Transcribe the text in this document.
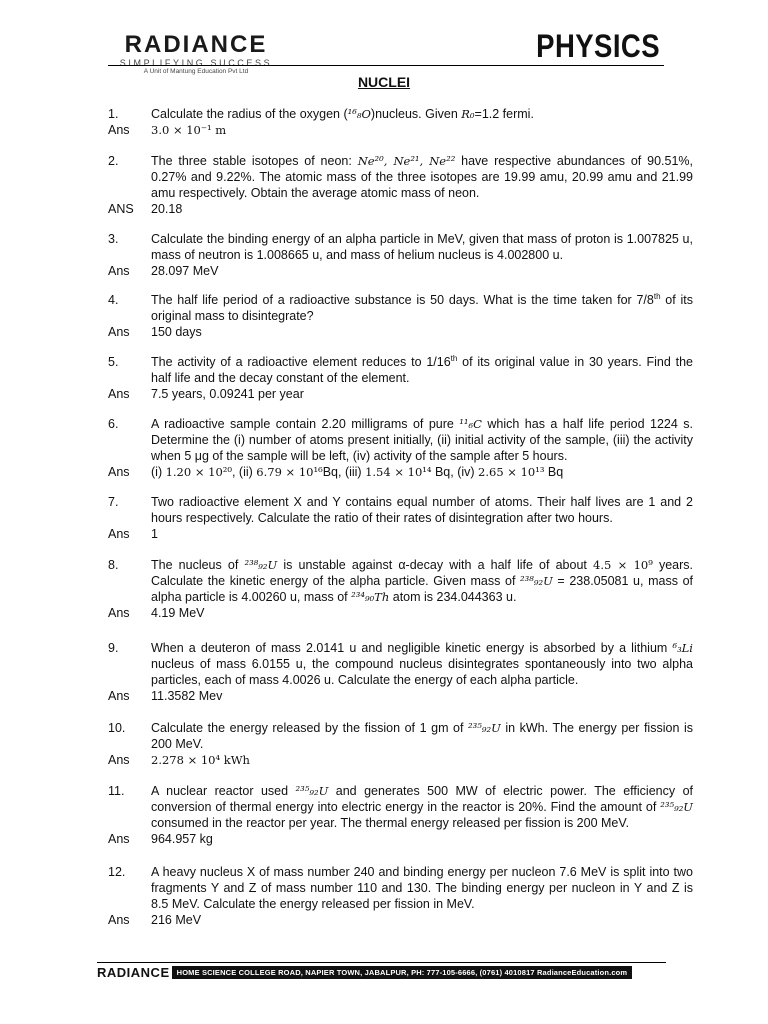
RADIANCE
SIMPLIFYING SUCCESS
A Unit of Mantung Education Pvt Ltd
PHYSICS
NUCLEI
1.	Calculate the radius of the oxygen (¹⁶₈O)nucleus. Given R₀=1.2 fermi.
Ans	3.0 × 10⁻¹ m
2.	The three stable isotopes of neon: Ne²⁰, Ne²¹, Ne²² have respective abundances of 90.51%, 0.27% and 9.22%. The atomic mass of the three isotopes are 19.99 amu, 20.99 amu and 21.99 amu respectively. Obtain the average atomic mass of neon.
ANS	20.18
3.	Calculate the binding energy of an alpha particle in MeV, given that mass of proton is 1.007825 u, mass of neutron is 1.008665 u, and mass of helium nucleus is 4.002800 u.
Ans	28.097 MeV
4.	The half life period of a radioactive substance is 50 days. What is the time taken for 7/8th of its original mass to disintegrate?
Ans	150 days
5.	The activity of a radioactive element reduces to 1/16th of its original value in 30 years. Find the half life and the decay constant of the element.
Ans	7.5 years, 0.09241 per year
6.	A radioactive sample contain 2.20 milligrams of pure ¹¹₆C which has a half life period 1224 s. Determine the (i) number of atoms present initially, (ii) initial activity of the sample, (iii) the activity when 5 μg of the sample will be left, (iv) activity of the sample after 5 hours.
Ans	(i) 1.20 × 10²⁰, (ii) 6.79 × 10¹⁶Bq, (iii) 1.54 × 10¹⁴ Bq, (iv) 2.65 × 10¹³ Bq
7.	Two radioactive element X and Y contains equal number of atoms. Their half lives are 1 and 2 hours respectively. Calculate the ratio of their rates of disintegration after two hours.
Ans	1
8.	The nucleus of ²³⁸₉₂U is unstable against α-decay with a half life of about 4.5 × 10⁹ years. Calculate the kinetic energy of the alpha particle. Given mass of ²³⁸₉₂U = 238.05081 u, mass of alpha particle is 4.00260 u, mass of ²³⁴₉₀Th atom is 234.044363 u.
Ans	4.19 MeV
9.	When a deuteron of mass 2.0141 u and negligible kinetic energy is absorbed by a lithium ⁶₃Li nucleus of mass 6.0155 u, the compound nucleus disintegrates spontaneously into two alpha particles, each of mass 4.0026 u. Calculate the energy of each alpha particle.
Ans	11.3582 Mev
10.	Calculate the energy released by the fission of 1 gm of ²³⁵₉₂U in kWh. The energy per fission is 200 MeV.
Ans	2.278 × 10⁴ kWh
11.	A nuclear reactor used ²³⁵₉₂U and generates 500 MW of electric power. The efficiency of conversion of thermal energy into electric energy in the reactor is 20%. Find the amount of ²³⁵₉₂U consumed in the reactor per year. The thermal energy released per fission is 200 MeV.
Ans	964.957 kg
12.	A heavy nucleus X of mass number 240 and binding energy per nucleon 7.6 MeV is split into two fragments Y and Z of mass number 110 and 130. The binding energy per nucleon in Y and Z is 8.5 MeV. Calculate the energy released per fission in MeV.
Ans	216 MeV
RADIANCE HOME SCIENCE COLLEGE ROAD, NAPIER TOWN, JABALPUR, PH: 777-105-6666, (0761) 4010817 RadianceEducation.com
